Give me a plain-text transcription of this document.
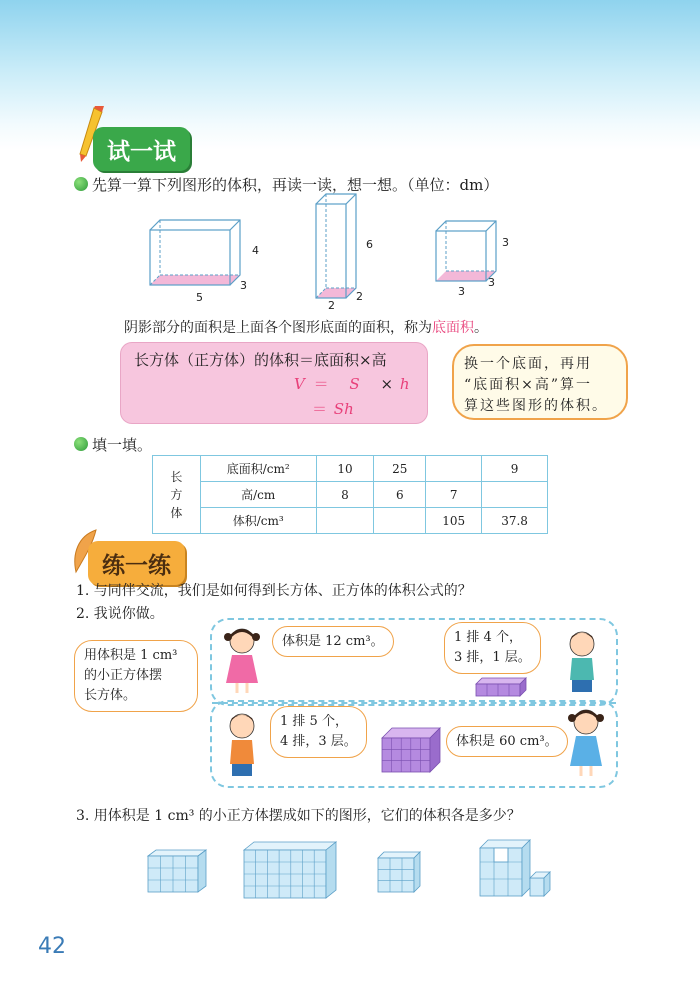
试一试
先算一算下列图形的体积，再读一读，想一想。（单位：dm）
4
5
3
6
2
2
3
3
3
阴影部分的面积是上面各个图形底面的面积，称为底面积。
长方体（正方体）的体积＝底面积×高
V ＝ S × h
＝ Sh
换一个底面，再用
“底面积×高”算一
算这些图形的体积。
填一填。
长方体	底面积/cm²	10	25		9
	高/cm	8	6	7	
	体积/cm³			105	37.8
练一练
1. 与同伴交流，我们是如何得到长方体、正方体的体积公式的？
2. 我说你做。
用体积是 1 cm³
的小正方体摆
长方体。
体积是 12 cm³。	1 排 4 个，
3 排，1 层。
1 排 5 个，
4 排，3 层。	体积是 60 cm³。
3. 用体积是 1 cm³ 的小正方体摆成如下的图形，它们的体积各是多少？
42
